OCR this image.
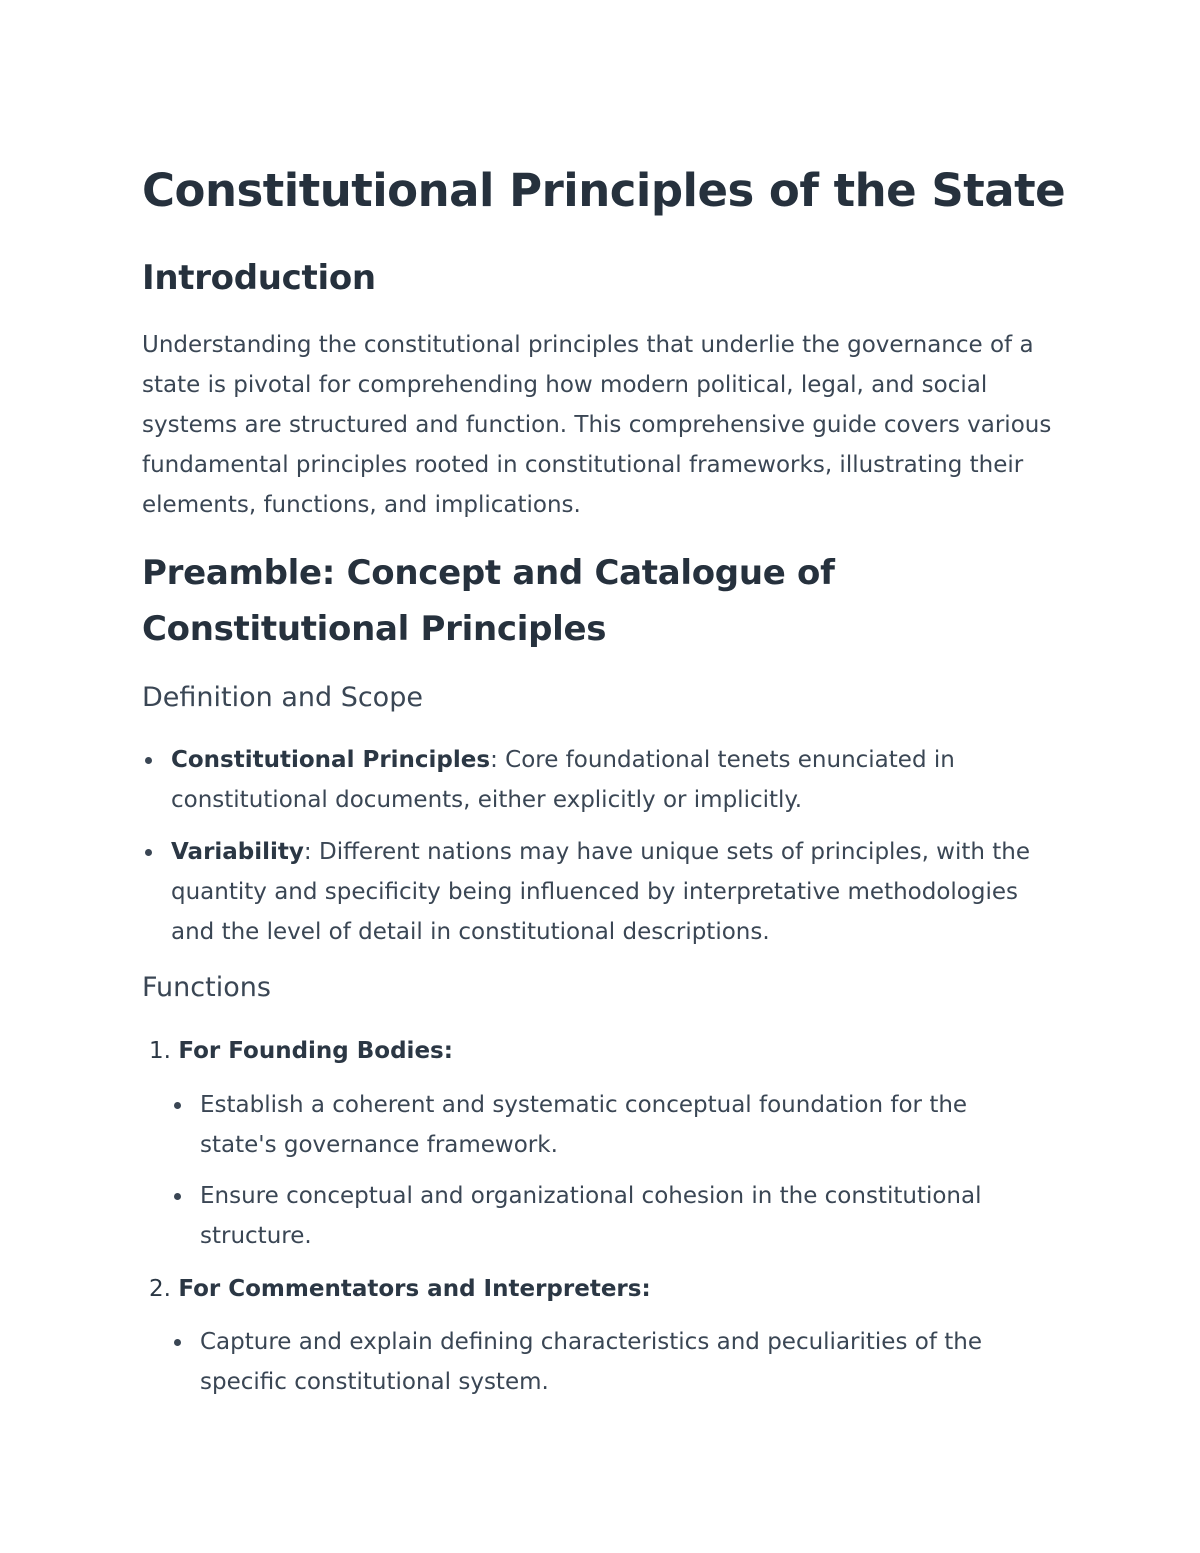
Constitutional Principles of the State
Introduction

Understanding the constitutional principles that underlie the governance of a state is pivotal for comprehending how modern political, legal, and social systems are structured and function. This comprehensive guide covers various fundamental principles rooted in constitutional frameworks, illustrating their elements, functions, and implications.

Preamble: Concept and Catalogue of Constitutional Principles
Definition and Scope
Constitutional Principles: Core foundational tenets enunciated in constitutional documents, either explicitly or implicitly.
Variability: Different nations may have unique sets of principles, with the quantity and specificity being influenced by interpretative methodologies and the level of detail in constitutional descriptions.
Functions
1. For Founding Bodies:
Establish a coherent and systematic conceptual foundation for the state's governance framework.
Ensure conceptual and organizational cohesion in the constitutional structure.
2. For Commentators and Interpreters:
Capture and explain defining characteristics and peculiarities of the specific constitutional system.
